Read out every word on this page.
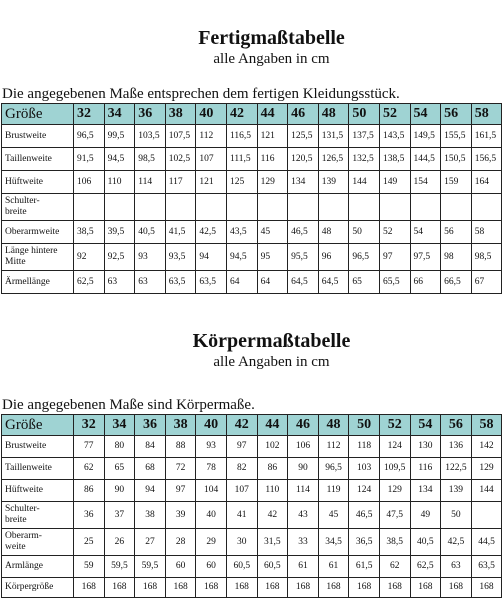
Fertigmaßtabelle
alle Angaben in cm
Die angegebenen Maße entsprechen dem fertigen Kleidungsstück.
Größe	32	34	36	38	40	42	44	46	48	50	52	54	56	58
Brustweite	96,5	99,5	103,5	107,5	112	116,5	121	125,5	131,5	137,5	143,5	149,5	155,5	161,5
Taillenweite	91,5	94,5	98,5	102,5	107	111,5	116	120,5	126,5	132,5	138,5	144,5	150,5	156,5
Hüftweite	106	110	114	117	121	125	129	134	139	144	149	154	159	164
Schulter-
breite														
Oberarmweite	38,5	39,5	40,5	41,5	42,5	43,5	45	46,5	48	50	52	54	56	58
Länge hintere
Mitte	92	92,5	93	93,5	94	94,5	95	95,5	96	96,5	97	97,5	98	98,5
Ärmellänge	62,5	63	63	63,5	63,5	64	64	64,5	64,5	65	65,5	66	66,5	67
Körpermaßtabelle
alle Angaben in cm
Die angegebenen Maße sind Körpermaße.
Größe	32	34	36	38	40	42	44	46	48	50	52	54	56	58
Brustweite	77	80	84	88	93	97	102	106	112	118	124	130	136	142
Taillenweite	62	65	68	72	78	82	86	90	96,5	103	109,5	116	122,5	129
Hüftweite	86	90	94	97	104	107	110	114	119	124	129	134	139	144
Schulter-
breite	36	37	38	39	40	41	42	43	45	46,5	47,5	49	50	
Oberarm-
weite	25	26	27	28	29	30	31,5	33	34,5	36,5	38,5	40,5	42,5	44,5
Armlänge	59	59,5	59,5	60	60	60,5	60,5	61	61	61,5	62	62,5	63	63,5
Körpergröße	168	168	168	168	168	168	168	168	168	168	168	168	168	168
